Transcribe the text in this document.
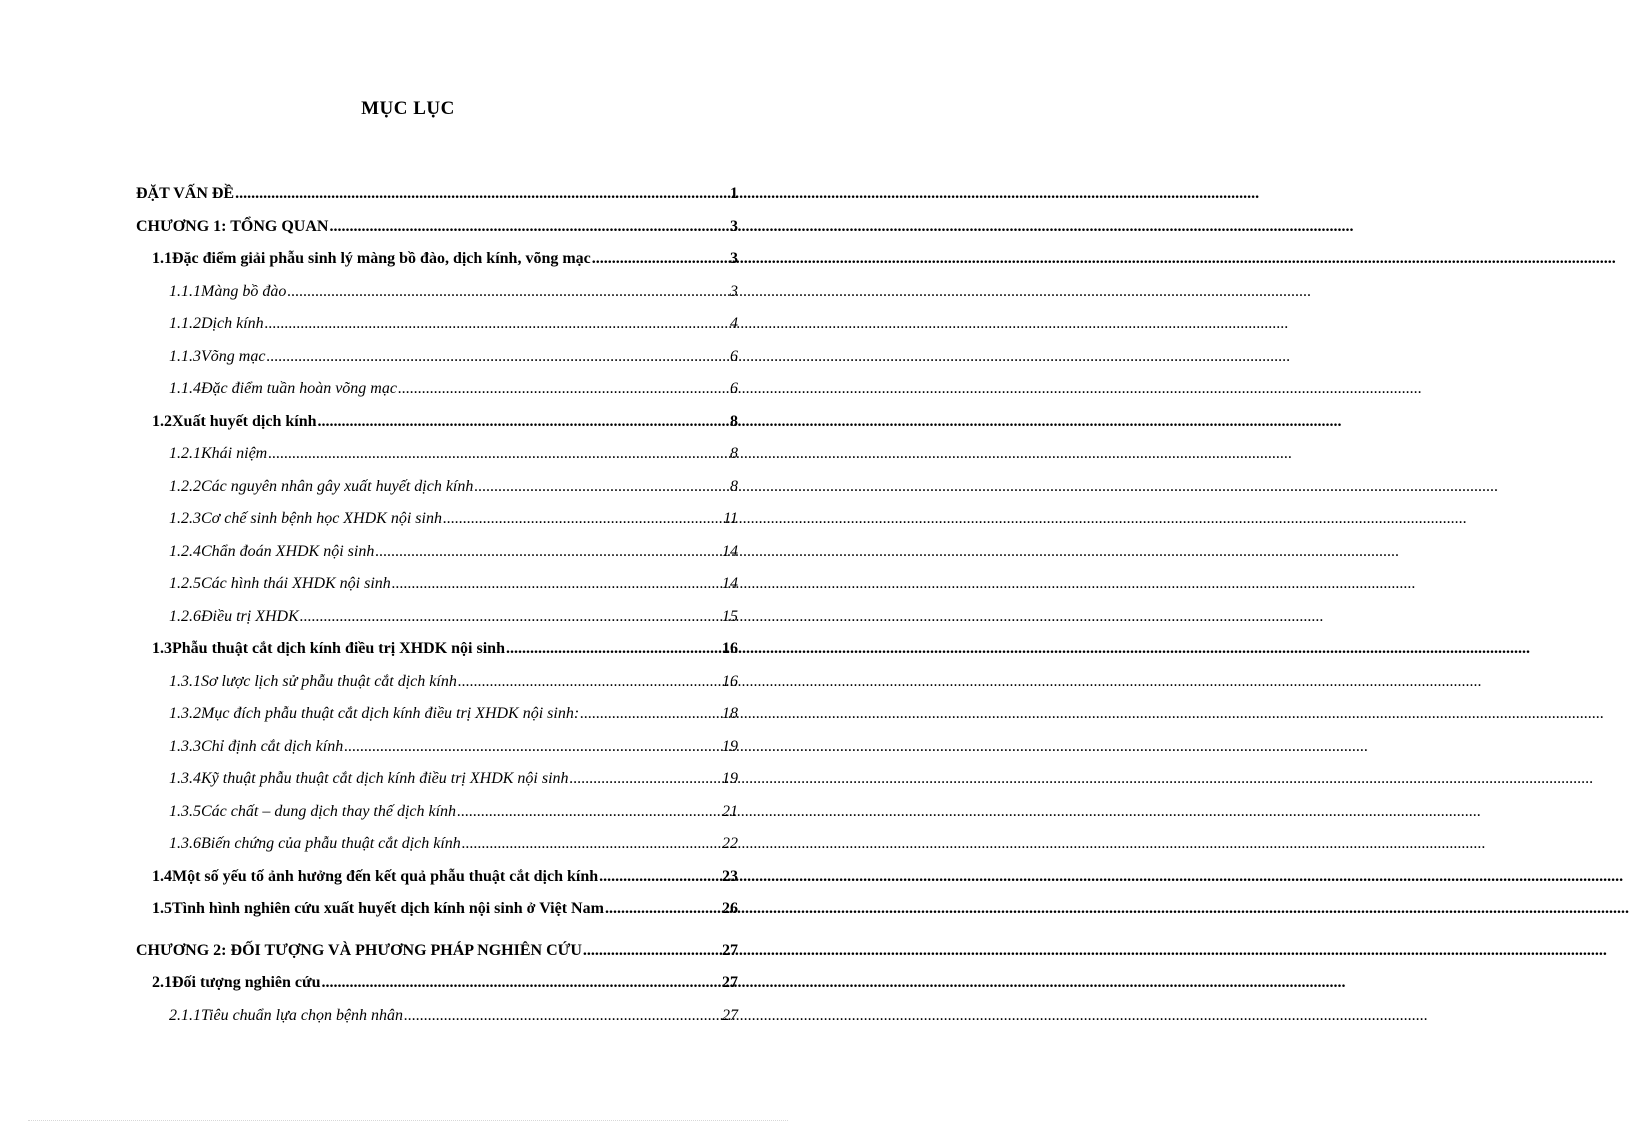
MỤC LỤC
ĐẶT VẤN ĐỀ .....	1
CHƯƠNG 1: TỔNG QUAN .....	3
1.1 Đặc điểm giải phẫu sinh lý màng bồ đào, dịch kính, võng mạc .....	3
1.1.1 Màng bồ đào .....	3
1.1.2 Dịch kính .....	4
1.1.3 Võng mạc .....	6
1.1.4 Đặc điểm tuần hoàn võng mạc .....	6
1.2 Xuất huyết dịch kính .....	8
1.2.1 Khái niệm .....	8
1.2.2 Các nguyên nhân gây xuất huyết dịch kính .....	8
1.2.3 Cơ chế sinh bệnh học XHDK nội sinh .....	11
1.2.4 Chẩn đoán XHDK nội sinh .....	14
1.2.5 Các hình thái XHDK nội sinh .....	14
1.2.6 Điều trị XHDK .....	15
1.3 Phẫu thuật cắt dịch kính điều trị XHDK nội sinh .....	16
1.3.1 Sơ lược lịch sử phẫu thuật cắt dịch kính .....	16
1.3.2 Mục đích phẫu thuật cắt dịch kính điều trị XHDK nội sinh: .....	18
1.3.3 Chỉ định cắt dịch kính .....	19
1.3.4 Kỹ thuật phẫu thuật cắt dịch kính điều trị XHDK nội sinh .....	19
1.3.5 Các chất – dung dịch thay thế dịch kính .....	21
1.3.6 Biến chứng của phẫu thuật cắt dịch kính .....	22
1.4 Một số yếu tố ảnh hưởng đến kết quả phẫu thuật cắt dịch kính .....	23
1.5 Tình hình nghiên cứu xuất huyết dịch kính nội sinh ở Việt Nam .....	26
CHƯƠNG 2: ĐỐI TƯỢNG VÀ PHƯƠNG PHÁP NGHIÊN CỨU .....	27
2.1 Đối tượng nghiên cứu .....	27
2.1.1 Tiêu chuẩn lựa chọn bệnh nhân .....	27
